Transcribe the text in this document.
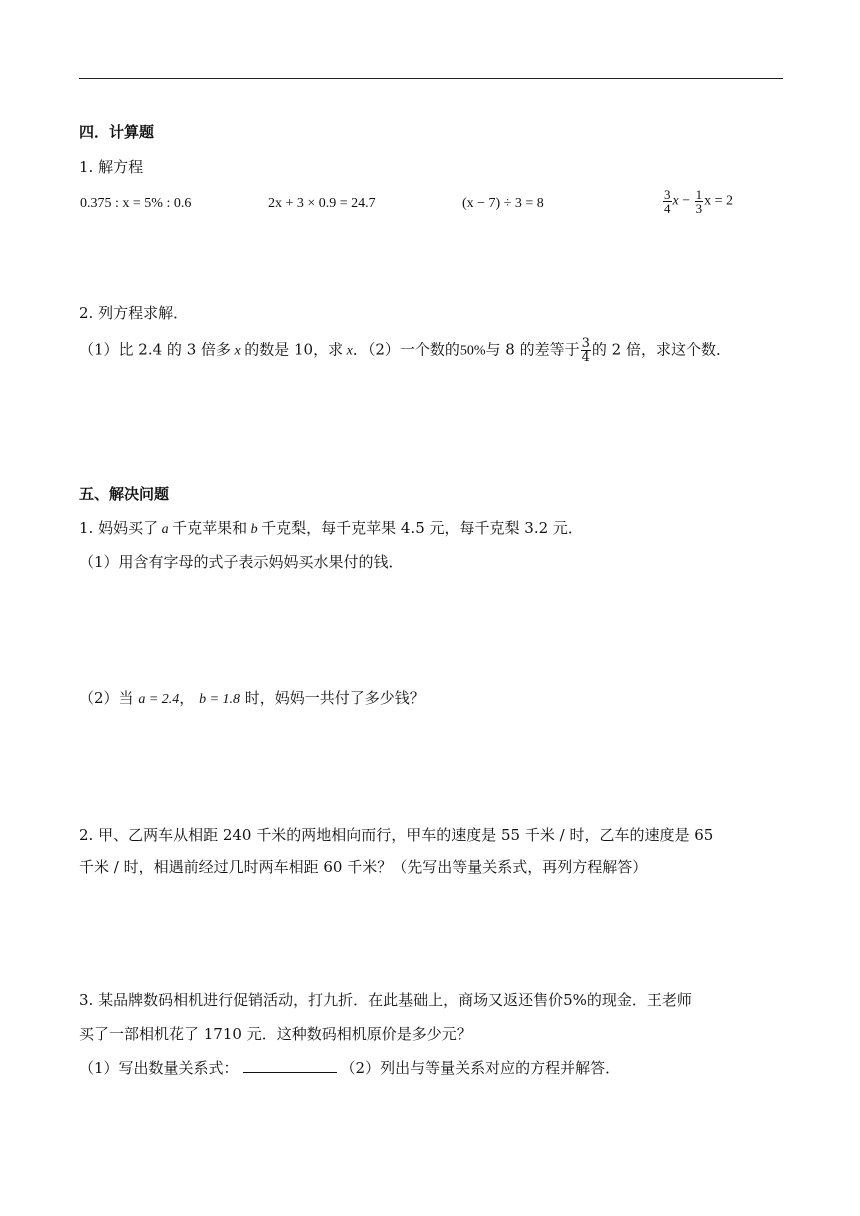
四．计算题
1. 解方程
0.375 : x = 5% : 0.6	2x + 3 × 0.9 = 24.7	(x − 7) ÷ 3 = 8	$\frac{3}{4}$ $x - \frac{1}{3}$ x = 2
2. 列方程求解．
（1）比 2.4 的 3 倍多 x 的数是 10，求 x．（2）一个数的50%与 8 的差等于 $\frac{3}{4}$ 的 2 倍，求这个数．
五、解决问题
1. 妈妈买了 a 千克苹果和 b 千克梨，每千克苹果 4.5 元，每千克梨 3.2 元．
（1）用含有字母的式子表示妈妈买水果付的钱．
（2）当 a = 2.4， b = 1.8 时，妈妈一共付了多少钱？
2. 甲、乙两车从相距 240 千米的两地相向而行，甲车的速度是 55 千米 / 时，乙车的速度是 65
千米 / 时，相遇前经过几时两车相距 60 千米？（先写出等量关系式，再列方程解答）
3. 某品牌数码相机进行促销活动，打九折．在此基础上，商场又返还售价5%的现金．王老师
买了一部相机花了 1710 元．这种数码相机原价是多少元？
（1）写出数量关系式：	（2）列出与等量关系对应的方程并解答．
